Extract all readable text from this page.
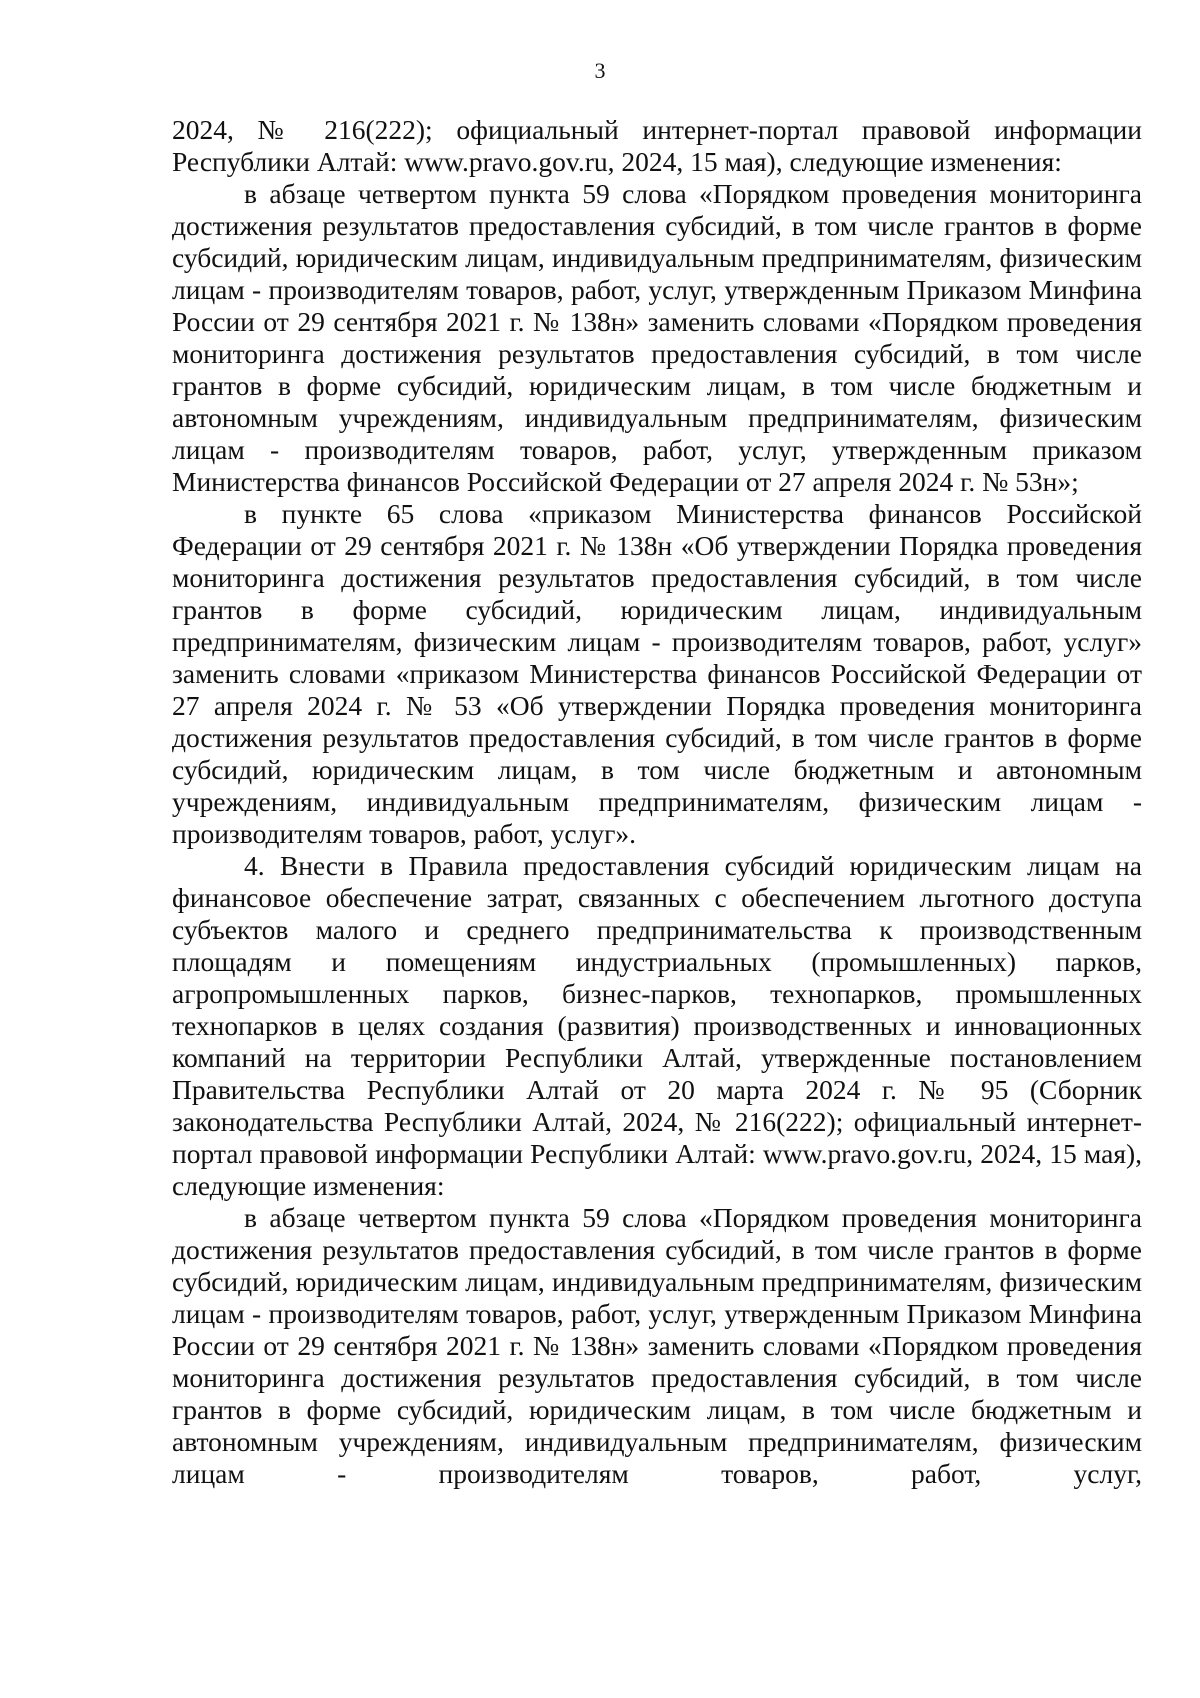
3

2024, № 216(222); официальный интернет-портал правовой информации Республики Алтай: www.pravo.gov.ru, 2024, 15 мая), следующие изменения:

в абзаце четвертом пункта 59 слова «Порядком проведения мониторинга достижения результатов предоставления субсидий, в том числе грантов в форме субсидий, юридическим лицам, индивидуальным предпринимателям, физическим лицам - производителям товаров, работ, услуг, утвержденным Приказом Минфина России от 29 сентября 2021 г. № 138н» заменить словами «Порядком проведения мониторинга достижения результатов предоставления субсидий, в том числе грантов в форме субсидий, юридическим лицам, в том числе бюджетным и автономным учреждениям, индивидуальным предпринимателям, физическим лицам - производителям товаров, работ, услуг, утвержденным приказом Министерства финансов Российской Федерации от 27 апреля 2024 г. № 53н»;

в пункте 65 слова «приказом Министерства финансов Российской Федерации от 29 сентября 2021 г. № 138н «Об утверждении Порядка проведения мониторинга достижения результатов предоставления субсидий, в том числе грантов в форме субсидий, юридическим лицам, индивидуальным предпринимателям, физическим лицам - производителям товаров, работ, услуг» заменить словами «приказом Министерства финансов Российской Федерации от 27 апреля 2024 г. № 53 «Об утверждении Порядка проведения мониторинга достижения результатов предоставления субсидий, в том числе грантов в форме субсидий, юридическим лицам, в том числе бюджетным и автономным учреждениям, индивидуальным предпринимателям, физическим лицам - производителям товаров, работ, услуг».

4. Внести в Правила предоставления субсидий юридическим лицам на финансовое обеспечение затрат, связанных с обеспечением льготного доступа субъектов малого и среднего предпринимательства к производственным площадям и помещениям индустриальных (промышленных) парков, агропромышленных парков, бизнес-парков, технопарков, промышленных технопарков в целях создания (развития) производственных и инновационных компаний на территории Республики Алтай, утвержденные постановлением Правительства Республики Алтай от 20 марта 2024 г. № 95 (Сборник законодательства Республики Алтай, 2024, № 216(222); официальный интернет-портал правовой информации Республики Алтай: www.pravo.gov.ru, 2024, 15 мая), следующие изменения:

в абзаце четвертом пункта 59 слова «Порядком проведения мониторинга достижения результатов предоставления субсидий, в том числе грантов в форме субсидий, юридическим лицам, индивидуальным предпринимателям, физическим лицам - производителям товаров, работ, услуг, утвержденным Приказом Минфина России от 29 сентября 2021 г. № 138н» заменить словами «Порядком проведения мониторинга достижения результатов предоставления субсидий, в том числе грантов в форме субсидий, юридическим лицам, в том числе бюджетным и автономным учреждениям, индивидуальным предпринимателям, физическим лицам - производителям товаров, работ, услуг,
